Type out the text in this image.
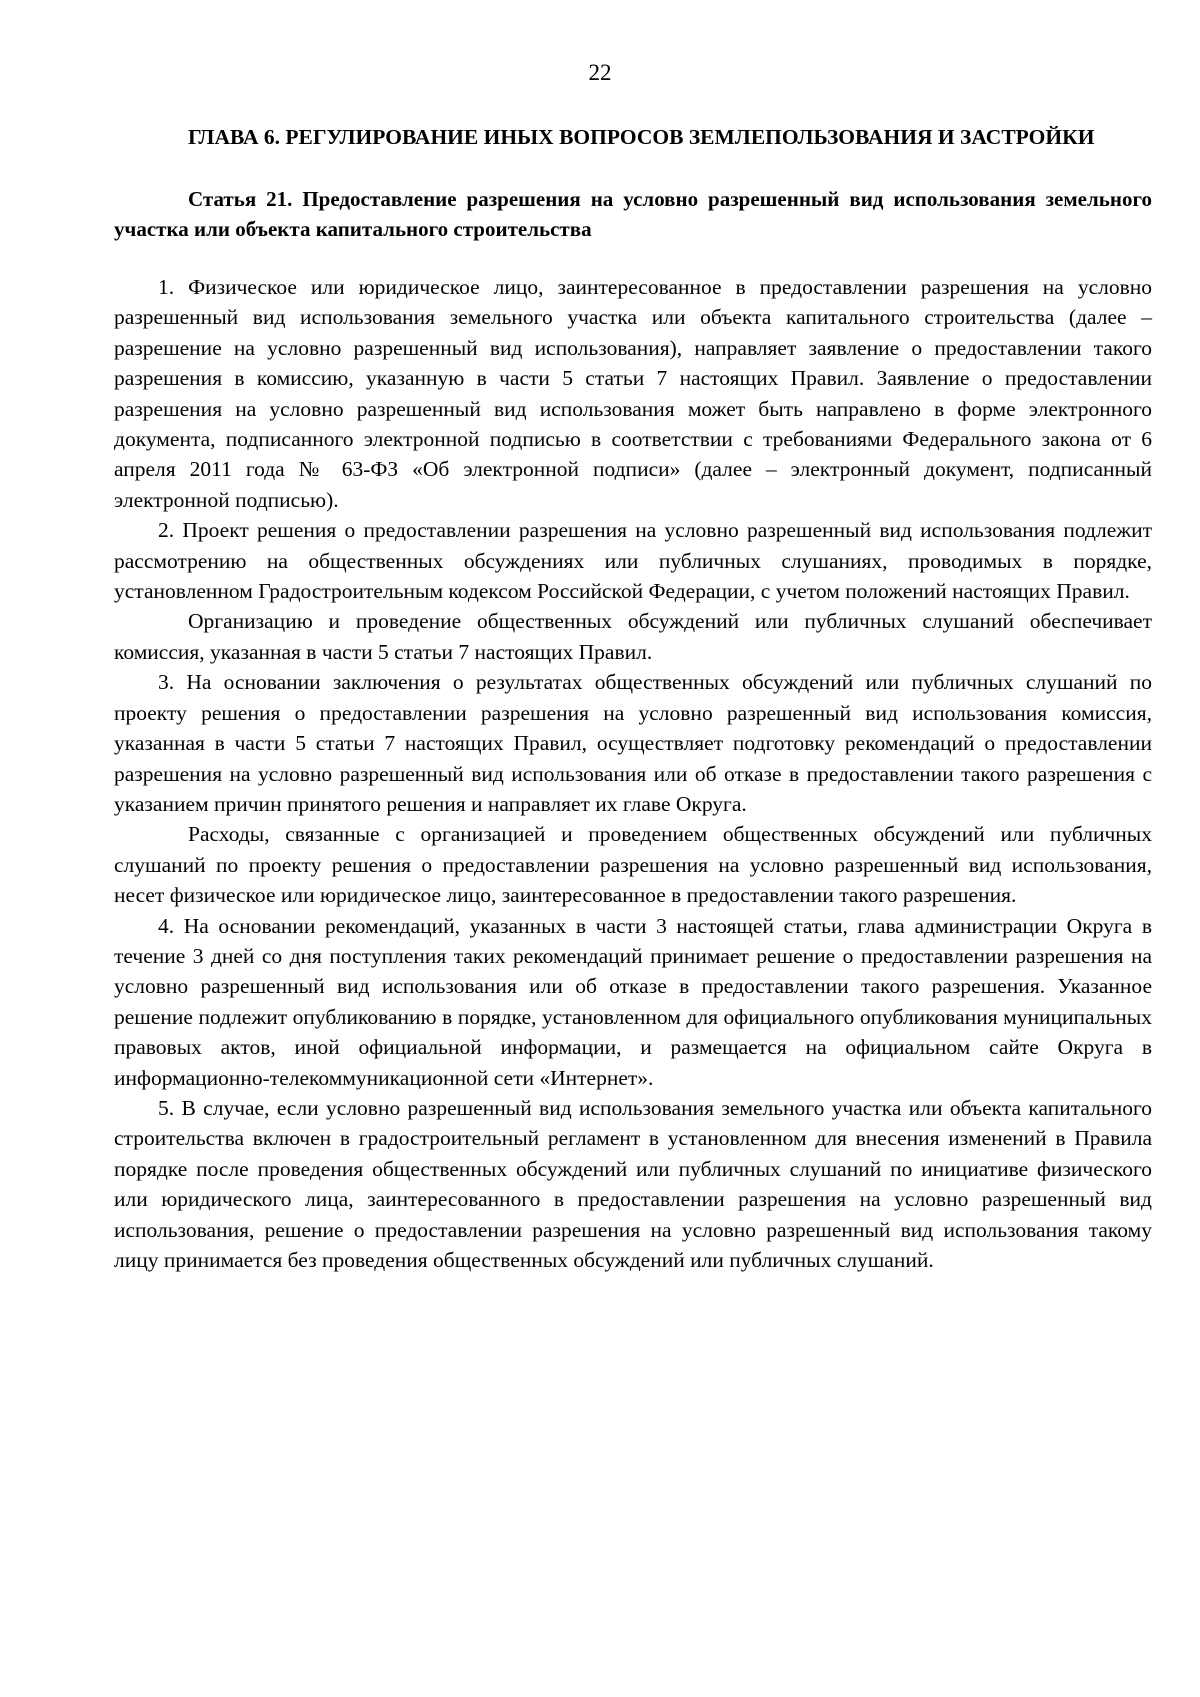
22

ГЛАВА 6. РЕГУЛИРОВАНИЕ ИНЫХ ВОПРОСОВ ЗЕМЛЕПОЛЬЗОВАНИЯ И ЗАСТРОЙКИ

Статья 21. Предоставление разрешения на условно разрешенный вид использования земельного участка или объекта капитального строительства

1. Физическое или юридическое лицо, заинтересованное в предоставлении разрешения на условно разрешенный вид использования земельного участка или объекта капитального строительства (далее – разрешение на условно разрешенный вид использования), направляет заявление о предоставлении такого разрешения в комиссию, указанную в части 5 статьи 7 настоящих Правил. Заявление о предоставлении разрешения на условно разрешенный вид использования может быть направлено в форме электронного документа, подписанного электронной подписью в соответствии с требованиями Федерального закона от 6 апреля 2011 года № 63-ФЗ «Об электронной подписи» (далее – электронный документ, подписанный электронной подписью).

2. Проект решения о предоставлении разрешения на условно разрешенный вид использования подлежит рассмотрению на общественных обсуждениях или публичных слушаниях, проводимых в порядке, установленном Градостроительным кодексом Российской Федерации, с учетом положений настоящих Правил.

Организацию и проведение общественных обсуждений или публичных слушаний обеспечивает комиссия, указанная в части 5 статьи 7 настоящих Правил.

3. На основании заключения о результатах общественных обсуждений или публичных слушаний по проекту решения о предоставлении разрешения на условно разрешенный вид использования комиссия, указанная в части 5 статьи 7 настоящих Правил, осуществляет подготовку рекомендаций о предоставлении разрешения на условно разрешенный вид использования или об отказе в предоставлении такого разрешения с указанием причин принятого решения и направляет их главе Округа.

Расходы, связанные с организацией и проведением общественных обсуждений или публичных слушаний по проекту решения о предоставлении разрешения на условно разрешенный вид использования, несет физическое или юридическое лицо, заинтересованное в предоставлении такого разрешения.

4. На основании рекомендаций, указанных в части 3 настоящей статьи, глава администрации Округа в течение 3 дней со дня поступления таких рекомендаций принимает решение о предоставлении разрешения на условно разрешенный вид использования или об отказе в предоставлении такого разрешения. Указанное решение подлежит опубликованию в порядке, установленном для официального опубликования муниципальных правовых актов, иной официальной информации, и размещается на официальном сайте Округа в информационно-телекоммуникационной сети «Интернет».

5. В случае, если условно разрешенный вид использования земельного участка или объекта капитального строительства включен в градостроительный регламент в установленном для внесения изменений в Правила порядке после проведения общественных обсуждений или публичных слушаний по инициативе физического или юридического лица, заинтересованного в предоставлении разрешения на условно разрешенный вид использования, решение о предоставлении разрешения на условно разрешенный вид использования такому лицу принимается без проведения общественных обсуждений или публичных слушаний.
